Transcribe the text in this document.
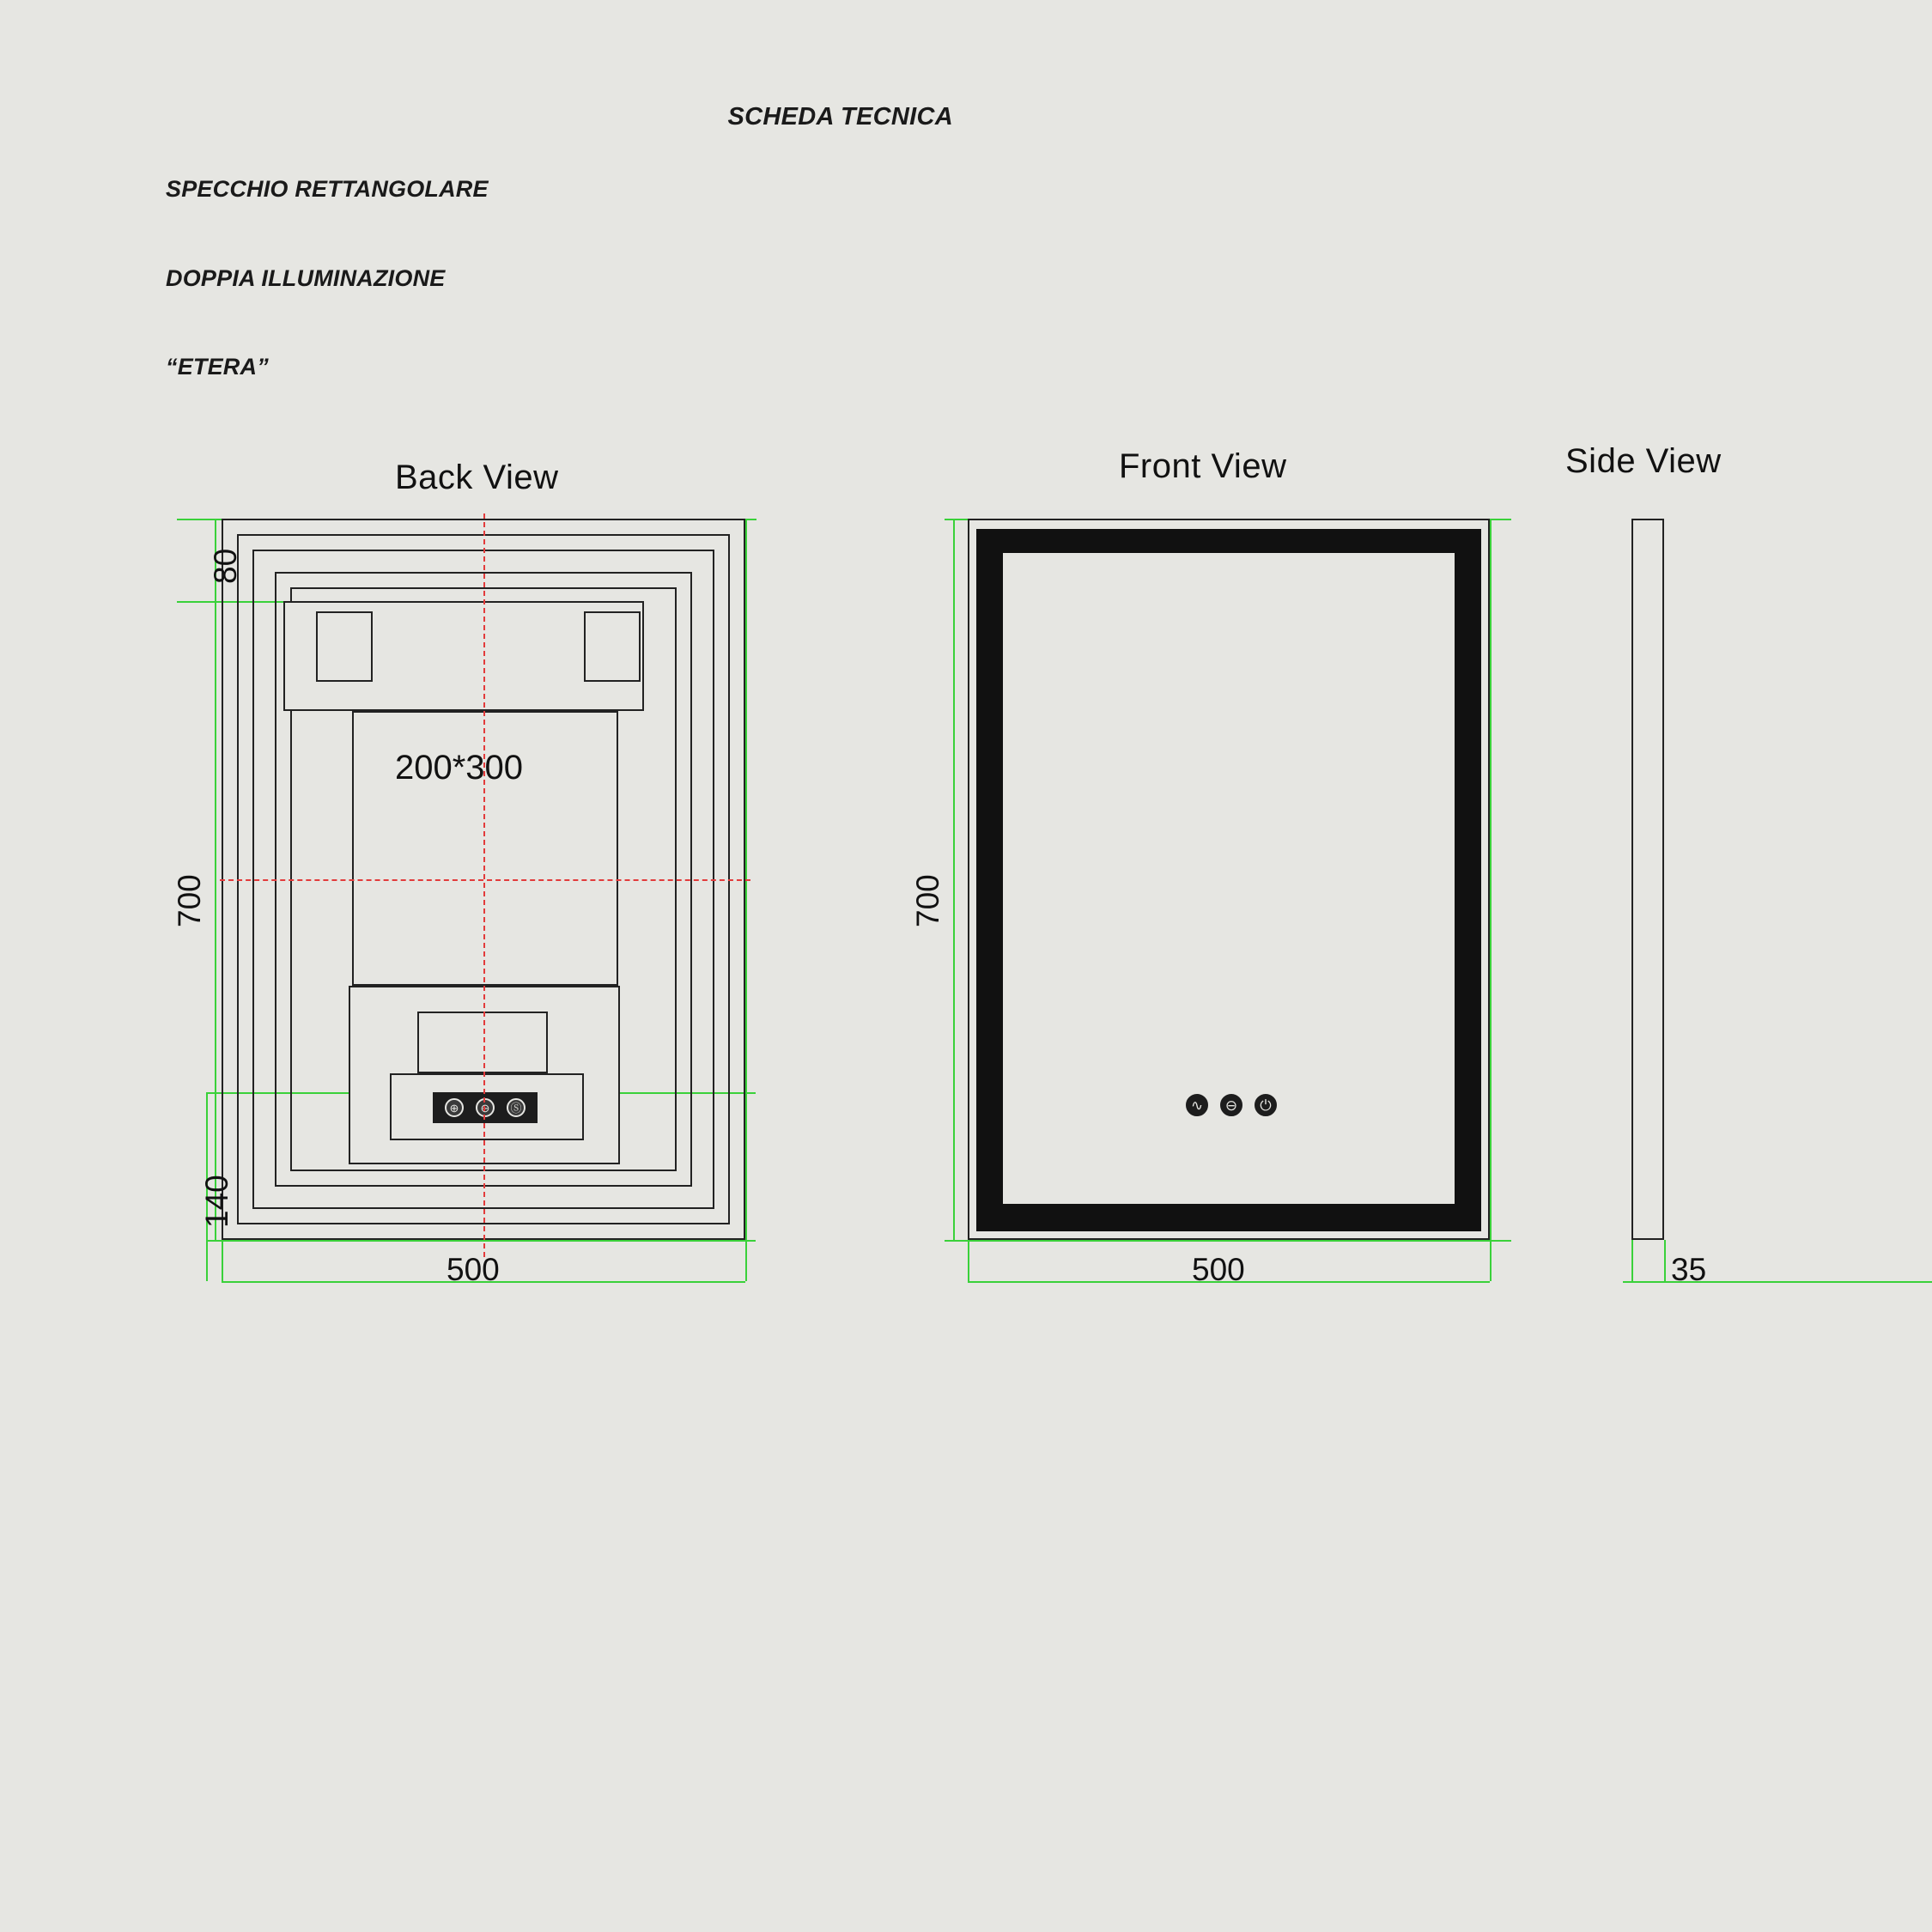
SPECCHIO RETTANGOLARE

DOPPIA ILLUMINAZIONE

“ETERA”

SCHEDA TECNICA
Back View	Front View	Side View
200*300
⊕	⊖	Ⓢ
80
700
140
500
∿ ⊖ ⏻
700
500	35
